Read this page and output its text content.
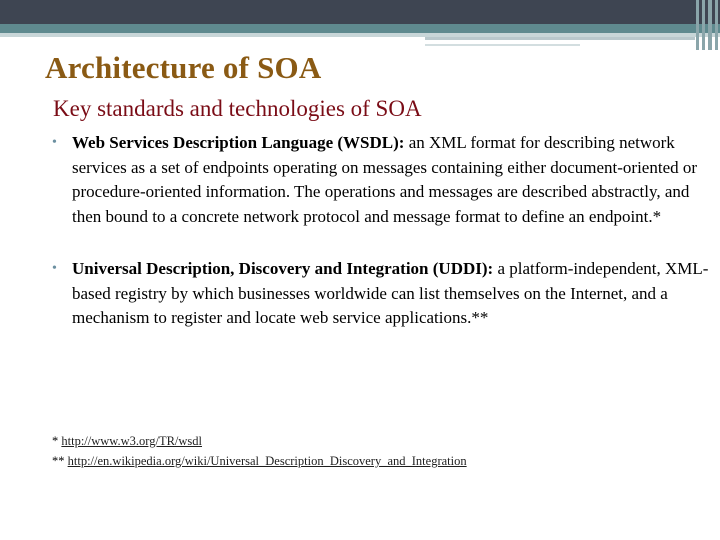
Architecture of SOA
Key standards and technologies of SOA
• Web Services Description Language (WSDL): an XML format for describing network services as a set of endpoints operating on messages containing either document-oriented or procedure-oriented information. The operations and messages are described abstractly, and then bound to a concrete network protocol and message format to define an endpoint.*
• Universal Description, Discovery and Integration (UDDI): a platform-independent, XML-based registry by which businesses worldwide can list themselves on the Internet, and a mechanism to register and locate web service applications.**
* http://www.w3.org/TR/wsdl
** http://en.wikipedia.org/wiki/Universal_Description_Discovery_and_Integration
